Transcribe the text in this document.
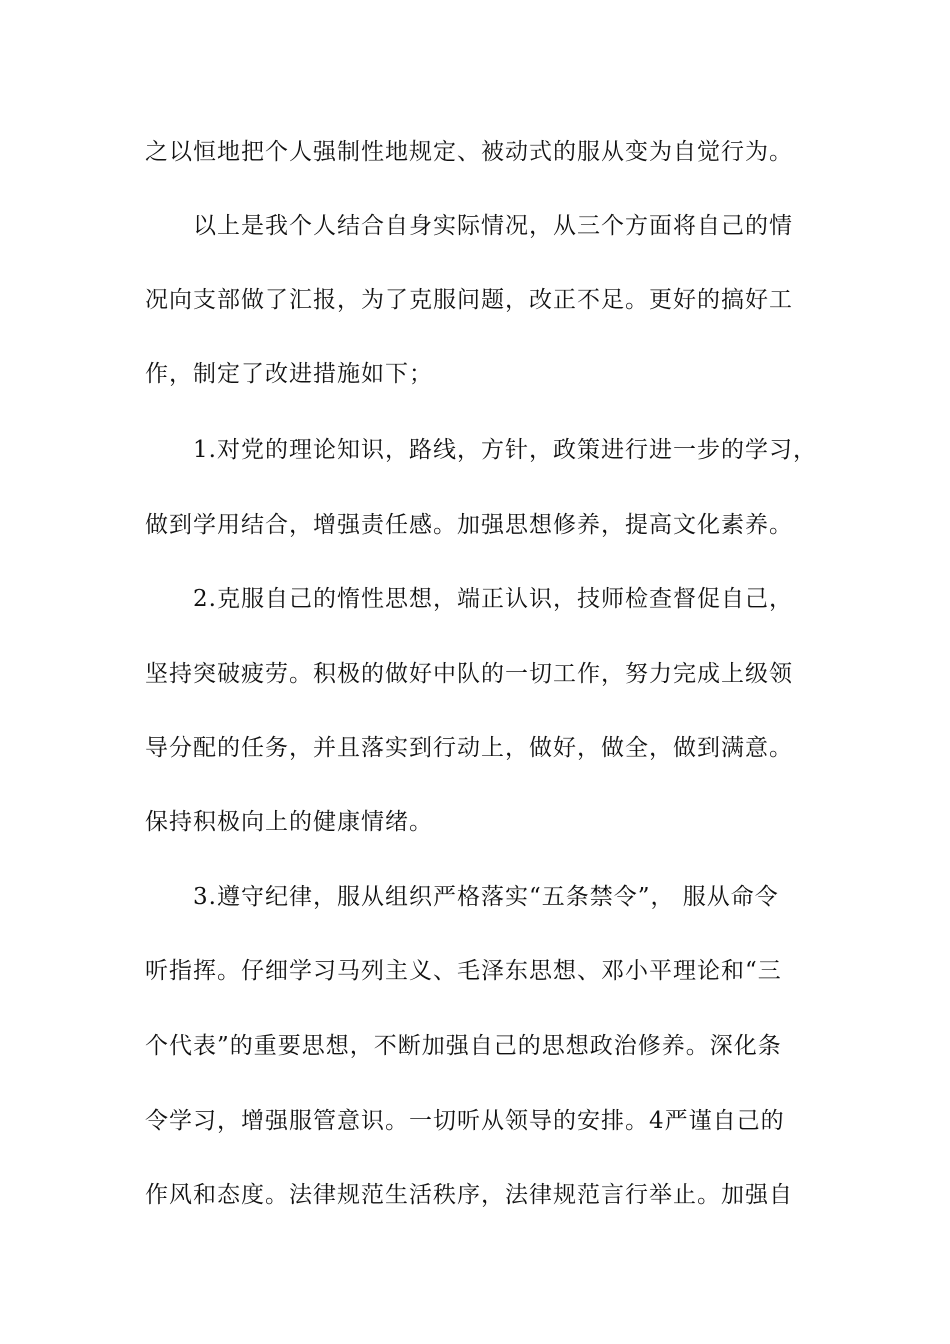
之以恒地把个人强制性地规定、被动式的服从变为自觉行为。

以上是我个人结合自身实际情况，从三个方面将自己的情

况向支部做了汇报，为了克服问题，改正不足。更好的搞好工

作，制定了改进措施如下；

1.对党的理论知识，路线，方针，政策进行进一步的学习，

做到学用结合，增强责任感。加强思想修养，提高文化素养。

2.克服自己的惰性思想，端正认识，技师检查督促自己，

坚持突破疲劳。积极的做好中队的一切工作，努力完成上级领

导分配的任务，并且落实到行动上，做好，做全，做到满意。

保持积极向上的健康情绪。

3.遵守纪律，服从组织严格落实“五条禁令”， 服从命令

听指挥。仔细学习马列主义、毛泽东思想、邓小平理论和“三

个代表”的重要思想，不断加强自己的思想政治修养。深化条

令学习，增强服管意识。一切听从领导的安排。4严谨自己的

作风和态度。法律规范生活秩序，法律规范言行举止。加强自
